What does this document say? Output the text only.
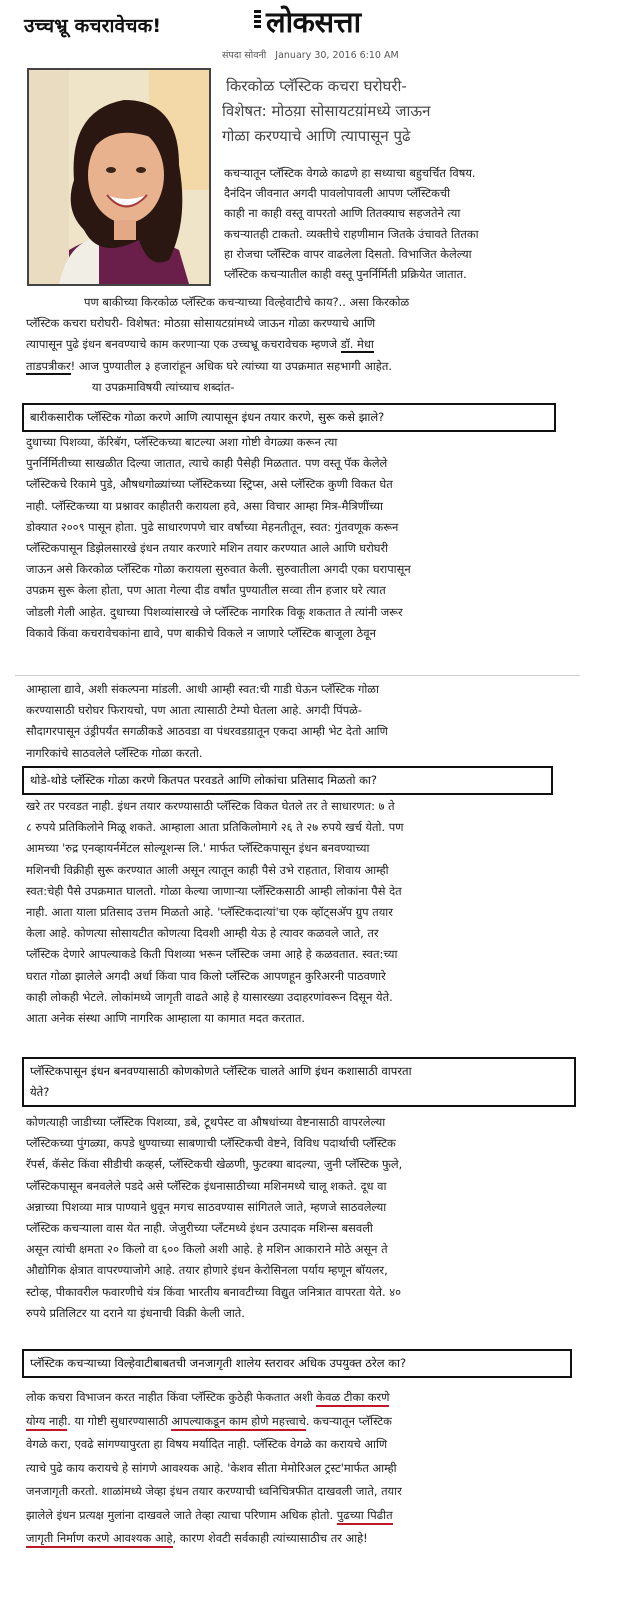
उच्चभ्रू कचरावेचक!	लोकसत्ता
संपदा सोवनी January 30, 2016 6:10 AM
किरकोळ प्लॅस्टिक कचरा घरोघरी-
विशेषत: मोठय़ा सोसायटय़ांमध्ये जाऊन
गोळा करण्याचे आणि त्यापासून पुढे
कचऱ्यातून प्लॅस्टिक वेगळे काढणे हा सध्याचा बहुचर्चित विषय.
दैनंदिन जीवनात अगदी पावलोपावली आपण प्लॅस्टिकची
काही ना काही वस्तू वापरतो आणि तितक्याच सहजतेने त्या
कचऱ्यातही टाकतो. व्यक्तीचे राहणीमान जितके उंचावते तितका
हा रोजचा प्लॅस्टिक वापर वाढलेला दिसतो. विभाजित केलेल्या
प्लॅस्टिक कचऱ्यातील काही वस्तू पुनर्निर्मिती प्रक्रियेत जातात.
पण बाकीच्या किरकोळ प्लॅस्टिक कचऱ्याच्या विल्हेवाटीचे काय?.. असा किरकोळ
प्लॅस्टिक कचरा घरोघरी- विशेषत: मोठय़ा सोसायटय़ांमध्ये जाऊन गोळा करण्याचे आणि
त्यापासून पुढे इंधन बनवण्याचे काम करणाऱ्या एक उच्चभ्रू कचरावेचक म्हणजे डॉ. मेधा
ताडपत्रीकर! आज पुण्यातील ३ हजारांहून अधिक घरे त्यांच्या या उपक्रमात सहभागी आहेत.
या उपक्रमाविषयी त्यांच्याच शब्दांत-
बारीकसारीक प्लॅस्टिक गोळा करणे आणि त्यापासून इंधन तयार करणे, सुरू कसे झाले?
दुधाच्या पिशव्या, कॅरिबॅग, प्लॅस्टिकच्या बाटल्या अशा गोष्टी वेगळ्या करून त्या
पुनर्निर्मितीच्या साखळीत दिल्या जातात, त्याचे काही पैसेही मिळतात. पण वस्तू पॅक केलेले
प्लॅस्टिकचे रिकामे पुडे, औषधगोळ्यांच्या प्लॅस्टिकच्या स्ट्रिप्स, असे प्लॅस्टिक कुणी विकत घेत
नाही. प्लॅस्टिकच्या या प्रश्नावर काहीतरी करायला हवे, असा विचार आम्हा मित्र-मैत्रिणींच्या
डोक्यात २००९ पासून होता. पुढे साधारणपणे चार वर्षांच्या मेहनतीतून, स्वत: गुंतवणूक करून
प्लॅस्टिकपासून डिझेलसारखे इंधन तयार करणारे मशिन तयार करण्यात आले आणि घरोघरी
जाऊन असे किरकोळ प्लॅस्टिक गोळा करायला सुरुवात केली. सुरुवातीला अगदी एका घरापासून
उपक्रम सुरू केला होता, पण आता गेल्या दीड वर्षांत पुण्यातील सव्वा तीन हजार घरे त्यात
जोडली गेली आहेत. दुधाच्या पिशव्यांसारखे जे प्लॅस्टिक नागरिक विकू शकतात ते त्यांनी जरूर
विकावे किंवा कचरावेचकांना द्यावे, पण बाकीचे विकले न जाणारे प्लॅस्टिक बाजूला ठेवून
आम्हाला द्यावे, अशी संकल्पना मांडली. आधी आम्ही स्वत:ची गाडी घेऊन प्लॅस्टिक गोळा
करण्यासाठी घरोघर फिरायचो, पण आता त्यासाठी टेम्पो घेतला आहे. अगदी पिंपळे-
सौदागरपासून उंड्रीपर्यंत सगळीकडे आठवडा वा पंधरवडय़ातून एकदा आम्ही भेट देतो आणि
नागरिकांचे साठवलेले प्लॅस्टिक गोळा करतो.
थोडे-थोडे प्लॅस्टिक गोळा करणे कितपत परवडते आणि लोकांचा प्रतिसाद मिळतो का?
खरे तर परवडत नाही. इंधन तयार करण्यासाठी प्लॅस्टिक विकत घेतले तर ते साधारणत: ७ ते
८ रुपये प्रतिकिलोने मिळू शकते. आम्हाला आता प्रतिकिलोमागे २६ ते २७ रुपये खर्च येतो. पण
आमच्या 'रुद्र एनव्हायर्नमेंटल सोल्यूशन्स लि.' मार्फत प्लॅस्टिकपासून इंधन बनवण्याच्या
मशिनची विक्रीही सुरू करण्यात आली असून त्यातून काही पैसे उभे राहतात, शिवाय आम्ही
स्वत:चेही पैसे उपक्रमात घालतो. गोळा केल्या जाणाऱ्या प्लॅस्टिकसाठी आम्ही लोकांना पैसे देत
नाही. आता याला प्रतिसाद उत्तम मिळतो आहे. 'प्लॅस्टिकदात्यां'चा एक व्हॉट्सअ‍ॅप ग्रुप तयार
केला आहे. कोणत्या सोसायटीत कोणत्या दिवशी आम्ही येऊ हे त्यावर कळवले जाते, तर
प्लॅस्टिक देणारे आपल्याकडे किती पिशव्या भरून प्लॅस्टिक जमा आहे हे कळवतात. स्वत:च्या
घरात गोळा झालेले अगदी अर्धा किंवा पाव किलो प्लॅस्टिक आपणहून कुरिअरनी पाठवणारे
काही लोकही भेटले. लोकांमध्ये जागृती वाढते आहे हे यासारख्या उदाहरणांवरून दिसून येते.
आता अनेक संस्था आणि नागरिक आम्हाला या कामात मदत करतात.
प्लॅस्टिकपासून इंधन बनवण्यासाठी कोणकोणते प्लॅस्टिक चालते आणि इंधन कशासाठी वापरता
येते?
कोणत्याही जाडीच्या प्लॅस्टिक पिशव्या, डबे, टूथपेस्ट वा औषधांच्या वेष्टनासाठी वापरलेल्या
प्लॅस्टिकच्या पुंगळ्या, कपडे धुण्याच्या साबणाची प्लॅस्टिकची वेष्टने, विविध पदार्थाची प्लॅस्टिक
रॅपर्स, कॅसेट किंवा सीडीची कव्हर्स, प्लॅस्टिकची खेळणी, फुटक्या बादल्या, जुनी प्लॅस्टिक फुले,
प्लॅस्टिकपासून बनवलेले पडदे असे प्लॅस्टिक इंधनासाठीच्या मशिनमध्ये चालू शकते. दूध वा
अन्नाच्या पिशव्या मात्र पाण्याने धुवून मगच साठवण्यास सांगितले जाते, म्हणजे साठवलेल्या
प्लॅस्टिक कचऱ्याला वास येत नाही. जेजुरीच्या प्लँटमध्ये इंधन उत्पादक मशिन्स बसवली
असून त्यांची क्षमता २० किलो वा ६०० किलो अशी आहे. हे मशिन आकाराने मोठे असून ते
औद्योगिक क्षेत्रात वापरण्याजोगे आहे. तयार होणारे इंधन केरोसिनला पर्याय म्हणून बॉयलर,
स्टोव्ह, पीकावरील फवारणीचे यंत्र किंवा भारतीय बनावटीच्या विद्युत जनित्रात वापरता येते. ४०
रुपये प्रतिलिटर या दराने या इंधनाची विक्री केली जाते.
प्लॅस्टिक कचऱ्याच्या विल्हेवाटीबाबतची जनजागृती शालेय स्तरावर अधिक उपयुक्त ठरेल का?
लोक कचरा विभाजन करत नाहीत किंवा प्लॅस्टिक कुठेही फेकतात अशी केवळ टीका करणे
योग्य नाही. या गोष्टी सुधारण्यासाठी आपल्याकडून काम होणे महत्त्वाचे. कचऱ्यातून प्लॅस्टिक
वेगळे करा, एवढे सांगण्यापुरता हा विषय मर्यादित नाही. प्लॅस्टिक वेगळे का करायचे आणि
त्याचे पुढे काय करायचे हे सांगणे आवश्यक आहे. 'केशव सीता मेमोरिअल ट्रस्ट'मार्फत आम्ही
जनजागृती करतो. शाळांमध्ये जेव्हा इंधन तयार करण्याची ध्वनिचित्रफीत दाखवली जाते, तयार
झालेले इंधन प्रत्यक्ष मुलांना दाखवले जाते तेव्हा त्याचा परिणाम अधिक होतो. पुढच्या पिढीत
जागृती निर्माण करणे आवश्यक आहे, कारण शेवटी सर्वकाही त्यांच्यासाठीच तर आहे!
